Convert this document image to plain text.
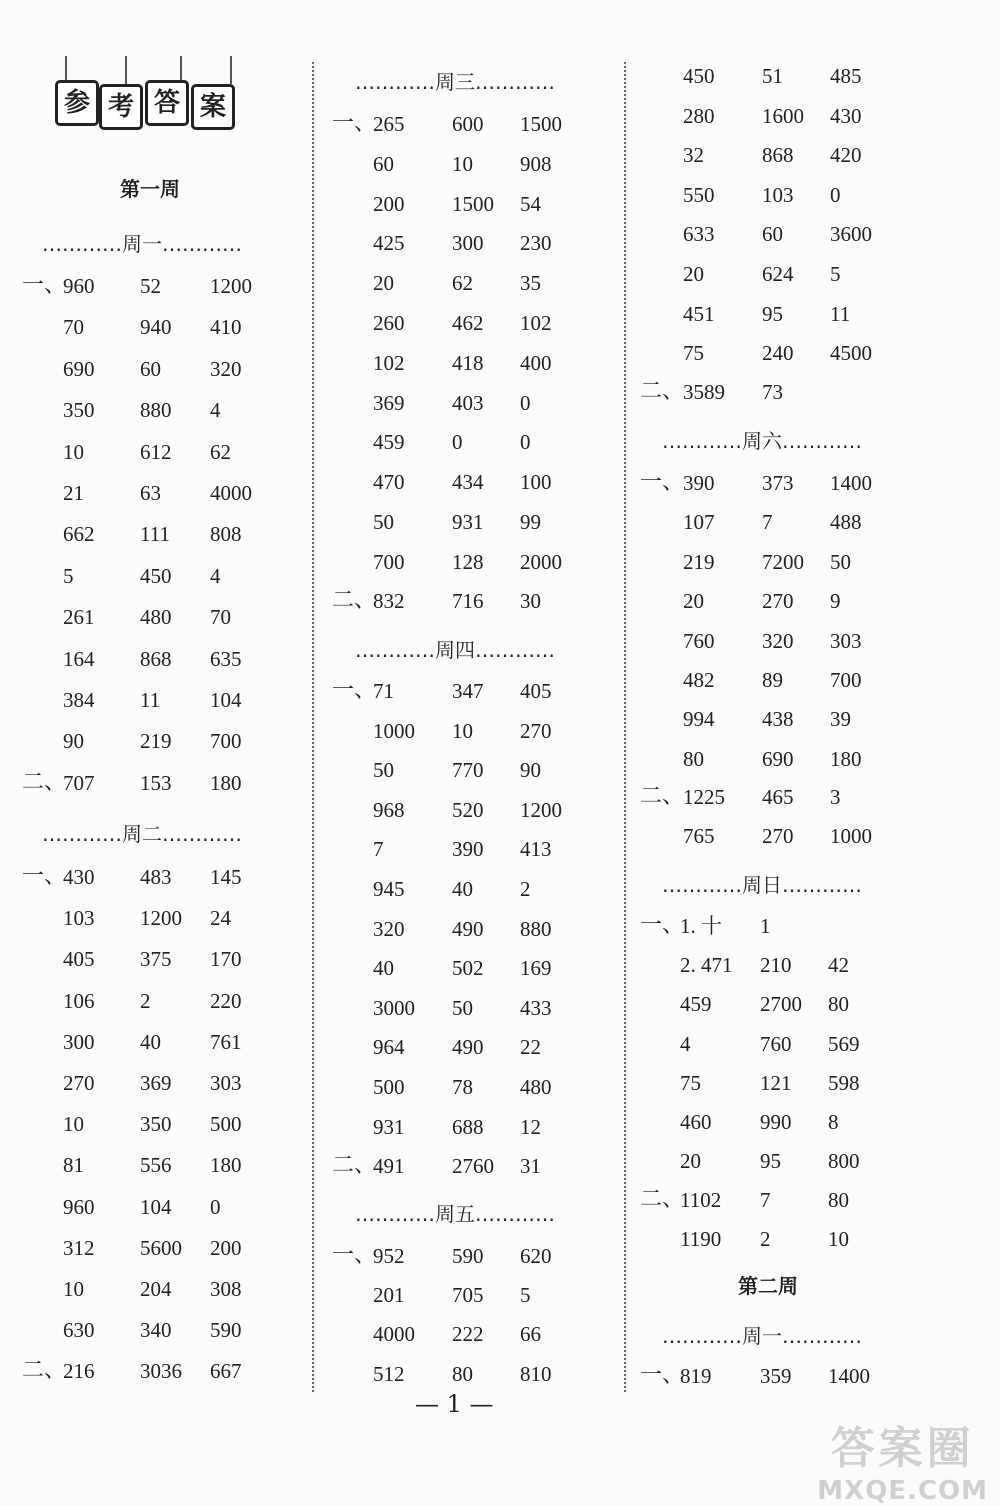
参 考 答 案
第一周
…………周一…………
一、
960 52 1200
70	940 410
690 60 320
350 880 4
10	612 62
21	63 4000
662 111 808
5	450 4
261 480 70
164 868 635
384 11 104
90	219 700
二、
707 153 180
…………周二…………
一、
430 483 145
103 1200 24
405 375 170
106 2	220
300 40 761
270 369 303
10	350 500
81	556 180
960 104 0
312 5600 200
10	204 308
630 340 590
二、
216 3036 667
…………周三…………
一、
265 600 1500
60	10 908
200 1500 54
425 300 230
20	62 35
260 462 102
102 418 400
369 403 0
459 0	0
470 434 100
50	931 99
700 128 2000
二、
832 716 30
…………周四…………
一、
71	347 405
1000 10 270
50	770 90
968 520 1200
7	390 413
945 40 2
320 490 880
40	502 169
3000 50 433
964 490 22
500 78 480
931 688 12
二、
491 2760 31
…………周五…………
一、
952 590 620
201 705 5
4000 222 66
512 80 810
450 51 485
280 1600 430
32	868 420
550 103 0
633 60 3600
20	624 5
451 95 11
75	240 4500
二、
3589 73
…………周六…………
一、
390 373 1400
107 7	488
219 7200 50
20	270 9
760 320 303
482 89 700
994 438 39
80	690 180
二、
1225 465 3
765 270 1000
…………周日…………
一、
1. 十 1
2. 471 210 42
459 2700 80
4	760 569
75	121 598
460 990 8
20	95 800
二、
1102 7	80
1190 2	10
第二周
…………周一…………
一、
819 359 1400
— 1 —
答案圈
MXQE.COM
